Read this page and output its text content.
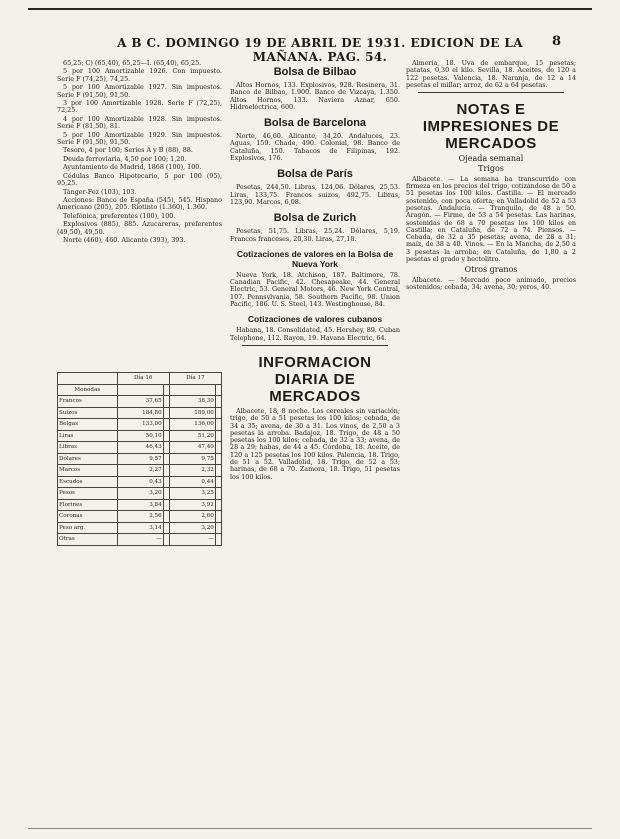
A B C. DOMINGO 19 DE ABRIL DE 1931. EDICION DE LA MAÑANA. PAG. 54.
8

65,25; C) (65,40), 65,25—I. (65,40), 65,25.

5 por 100 Amortizable 1926. Con impuesto. Serie F (74,25), 74,25.

5 por 100 Amortizable 1927. Sin impuestos. Serie F (91,50), 91,50.

3 por 100 Amortizable 1928. Serie F (72,25), 72,25.

4 por 100 Amortizable 1928. Sin impuestos. Serie F (81,50), 81.

5 por 100 Amortizable 1929. Sin impuestos. Serie F (91,50), 91,50.

Tesoro, 4 por 100; Series A y B (88), 88.

Deuda ferroviaria, 4,50 por 100; 1,20.

Ayuntamiento de Madrid, 1868 (100), 100.

Cédulas Banco Hipotecario, 5 por 100 (95), 95,25.

Tánger-Fez (103), 103.

Acciones: Banco de España (545), 545. Hispano Americano (205), 205. Ríotinto (1.360), 1.360.

Telefónica, preferentes (100), 100.

Explosivos (885), 885. Azucareras, preferentes (49,50), 49,50.

Norte (460), 460. Alicante (393), 393.

	Día 16		Día 17	
Monedas				
Francos	37,65		38,30	
Suizos	184,80		189,00	
Belgas	133,00		136,00	
Liras	50,10		51,20	
Libras	46,43		47,40	
Dólares	9,57		9,75	
Marcos	2,27		2,32	
Escudos	0,43		0,44	
Pesos	3,20		3,25	
Florines	3,84		3,92	
Coronas	2,56		2,60	
Peso arg.	3,14		3,20	
Otras	—		—	
Bolsa de Bilbao

Altos Hornos, 133. Explosivos, 928. Resinera, 31. Banco de Bilbao, 1.900. Banco de Vizcaya, 1.350. Altos Hornos, 133. Naviera Aznar, 650. Hidroeléctrica, 600.

Bolsa de Barcelona

Norte, 46,60. Alicante, 34,20. Andaluces, 23. Aguas, 159. Chade, 490. Colonial, 98. Banco de Cataluña, 150. Tabacos de Filipinas, 192. Explosivos, 176.

Bolsa de París

Pesetas, 244,50. Libras, 124,06. Dólares, 25,53. Liras, 133,75. Francos suizos, 492,75. Libras, 123,90. Marcos, 6,08.

Bolsa de Zurich

Pesetas, 51,75. Libras, 25,24. Dólares, 5,19. Francos franceses, 20,30. Liras, 27,18.

Cotizaciones de valores en la Bolsa de Nueva York

Nueva York, 18. Atchison, 187. Baltimore, 78. Canadian Pacific, 42. Chesapeake, 44. General Electric, 53. General Motors, 46. New York Central, 107. Pennsylvania, 58. Southern Pacific, 98. Union Pacific, 186. U. S. Steel, 143. Westinghouse, 84.

Cotizaciones de valores cubanos

Habana, 18. Consolidated, 45. Hershey, 89. Cuban Telephone, 112. Rayon, 19. Havana Electric, 64.

INFORMACION DIARIA DE MERCADOS

Albacete, 18, 8 noche. Los cereales sin variación; trigo, de 50 a 51 pesetas los 100 kilos; cebada, de 34 a 35; avena, de 30 a 31. Los vinos, de 2,50 a 3 pesetas la arroba. Badajoz, 18. Trigo, de 48 a 50 pesetas los 100 kilos; cebada, de 32 a 33; avena, de 28 a 29; habas, de 44 a 45. Córdoba, 18. Aceite, de 120 a 125 pesetas los 100 kilos. Palencia, 18. Trigo, de 51 a 52. Valladolid, 18. Trigo, de 52 a 53; harinas, de 68 a 70. Zamora, 18. Trigo, 51 pesetas los 100 kilos.

Almería, 18. Uva de embarque, 15 pesetas; patatas, 0,30 el kilo. Sevilla, 18. Aceites, de 120 a 122 pesetas. Valencia, 18. Naranja, de 12 a 14 pesetas el millar; arroz, de 62 a 64 pesetas.

NOTAS E IMPRESIONES DE MERCADOS
Ojeada semanal
Trigos

Albacete. — La semana ha transcurrido con firmeza en los precios del trigo, cotizándose de 50 a 51 pesetas los 100 kilos. Castilla. — El mercado sostenido, con poca oferta; en Valladolid de 52 a 53 pesetas. Andalucía. — Tranquilo, de 48 a 50. Aragón. — Firme, de 53 a 54 pesetas. Las harinas, sostenidas de 68 a 70 pesetas los 100 kilos en Castilla; en Cataluña, de 72 a 74. Piensos. — Cebada, de 32 a 35 pesetas; avena, de 28 a 31; maíz, de 38 a 40. Vinos. — En la Mancha, de 2,50 a 3 pesetas la arroba; en Cataluña, de 1,80 a 2 pesetas el grado y hectolitro.

Otros granos

Albacete. — Mercado poco animado, precios sostenidos; cebada, 34; avena, 30; yeros, 40.
